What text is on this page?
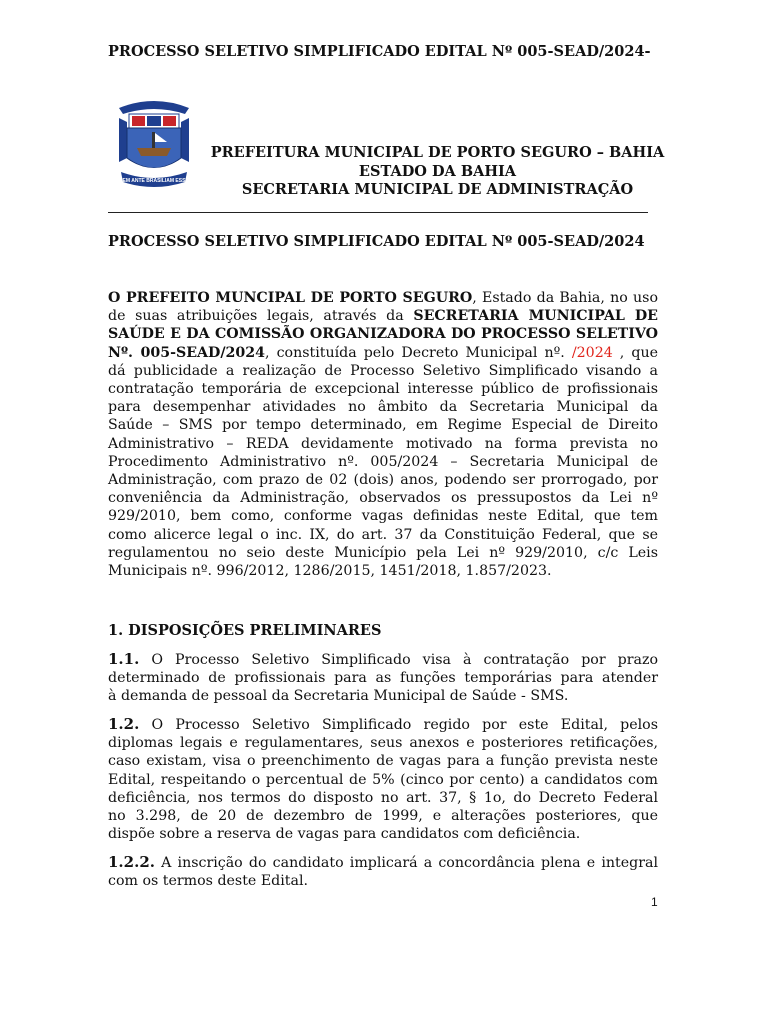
PROCESSO SELETIVO SIMPLIFICADO EDITAL Nº 005-SEAD/2024-
SEM ANTE BRASILIAM ESSE
PREFEITURA MUNICIPAL DE PORTO SEGURO – BAHIA
ESTADO DA BAHIA
SECRETARIA MUNICIPAL DE ADMINISTRAÇÃO
PROCESSO SELETIVO SIMPLIFICADO EDITAL Nº 005-SEAD/2024
O PREFEITO MUNCIPAL DE PORTO SEGURO, Estado da Bahia, no uso
de suas atribuições legais, através da SECRETARIA MUNICIPAL DE
SAÚDE E DA COMISSÃO ORGANIZADORA DO PROCESSO SELETIVO
Nº. 005-SEAD/2024, constituída pelo Decreto Municipal nº. /2024 , que
dá publicidade a realização de Processo Seletivo Simplificado visando a
contratação temporária de excepcional interesse público de profissionais
para desempenhar atividades no âmbito da Secretaria Municipal da
Saúde – SMS por tempo determinado, em Regime Especial de Direito
Administrativo – REDA devidamente motivado na forma prevista no
Procedimento Administrativo nº. 005/2024 – Secretaria Municipal de
Administração, com prazo de 02 (dois) anos, podendo ser prorrogado, por
conveniência da Administração, observados os pressupostos da Lei nº
929/2010, bem como, conforme vagas definidas neste Edital, que tem
como alicerce legal o inc. IX, do art. 37 da Constituição Federal, que se
regulamentou no seio deste Município pela Lei nº 929/2010, c/c Leis
Municipais nº. 996/2012, 1286/2015, 1451/2018, 1.857/2023.
1. DISPOSIÇÕES PRELIMINARES
1.1. O Processo Seletivo Simplificado visa à contratação por prazo
determinado de profissionais para as funções temporárias para atender
à demanda de pessoal da Secretaria Municipal de Saúde - SMS.
1.2. O Processo Seletivo Simplificado regido por este Edital, pelos
diplomas legais e regulamentares, seus anexos e posteriores retificações,
caso existam, visa o preenchimento de vagas para a função prevista neste
Edital, respeitando o percentual de 5% (cinco por cento) a candidatos com
deficiência, nos termos do disposto no art. 37, § 1o, do Decreto Federal
no 3.298, de 20 de dezembro de 1999, e alterações posteriores, que
dispõe sobre a reserva de vagas para candidatos com deficiência.
1.2.2. A inscrição do candidato implicará a concordância plena e integral
com os termos deste Edital.
1
